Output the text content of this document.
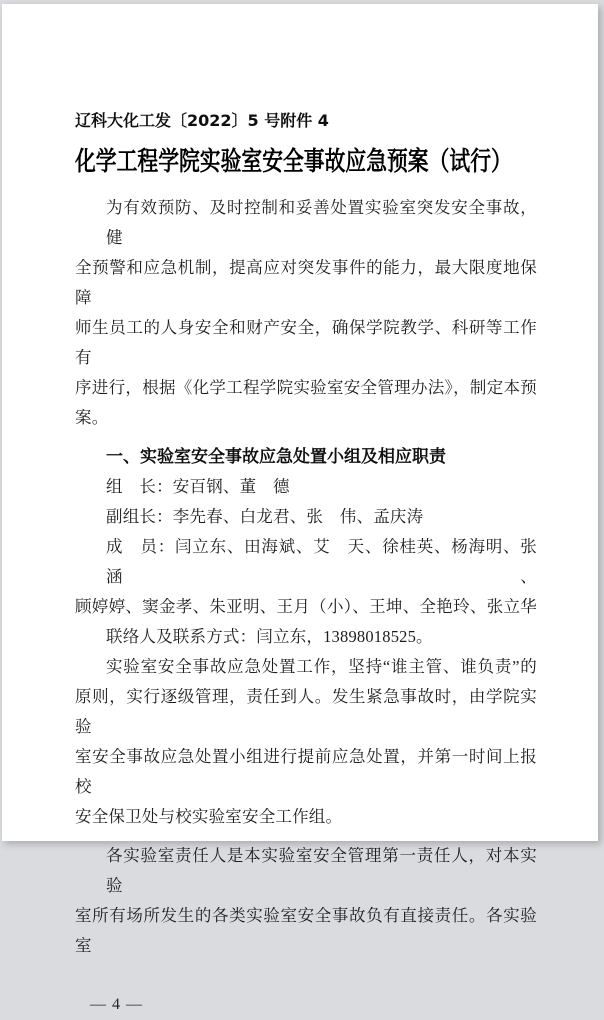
辽科大化工发〔2022〕5 号附件 4
化学工程学院实验室安全事故应急预案（试行）
为有效预防、及时控制和妥善处置实验室突发安全事故，健
全预警和应急机制，提高应对突发事件的能力，最大限度地保障
师生员工的人身安全和财产安全，确保学院教学、科研等工作有
序进行，根据《化学工程学院实验室安全管理办法》，制定本预
案。
一、实验室安全事故应急处置小组及相应职责
组　长：安百钢、董　德
副组长：李先春、白龙君、张　伟、孟庆涛
成　员：闫立东、田海斌、艾　天、徐桂英、杨海明、张　涵、
顾婷婷、窦金孝、朱亚明、王月（小）、王坤、全艳玲、张立华
联络人及联系方式：闫立东，13898018525。
实验室安全事故应急处置工作，坚持“谁主管、谁负责”的
原则，实行逐级管理，责任到人。发生紧急事故时，由学院实验
室安全事故应急处置小组进行提前应急处置，并第一时间上报校
安全保卫处与校实验室安全工作组。
各实验室责任人是本实验室安全管理第一责任人，对本实验
室所有场所发生的各类实验室安全事故负有直接责任。各实验室
— 4 —
